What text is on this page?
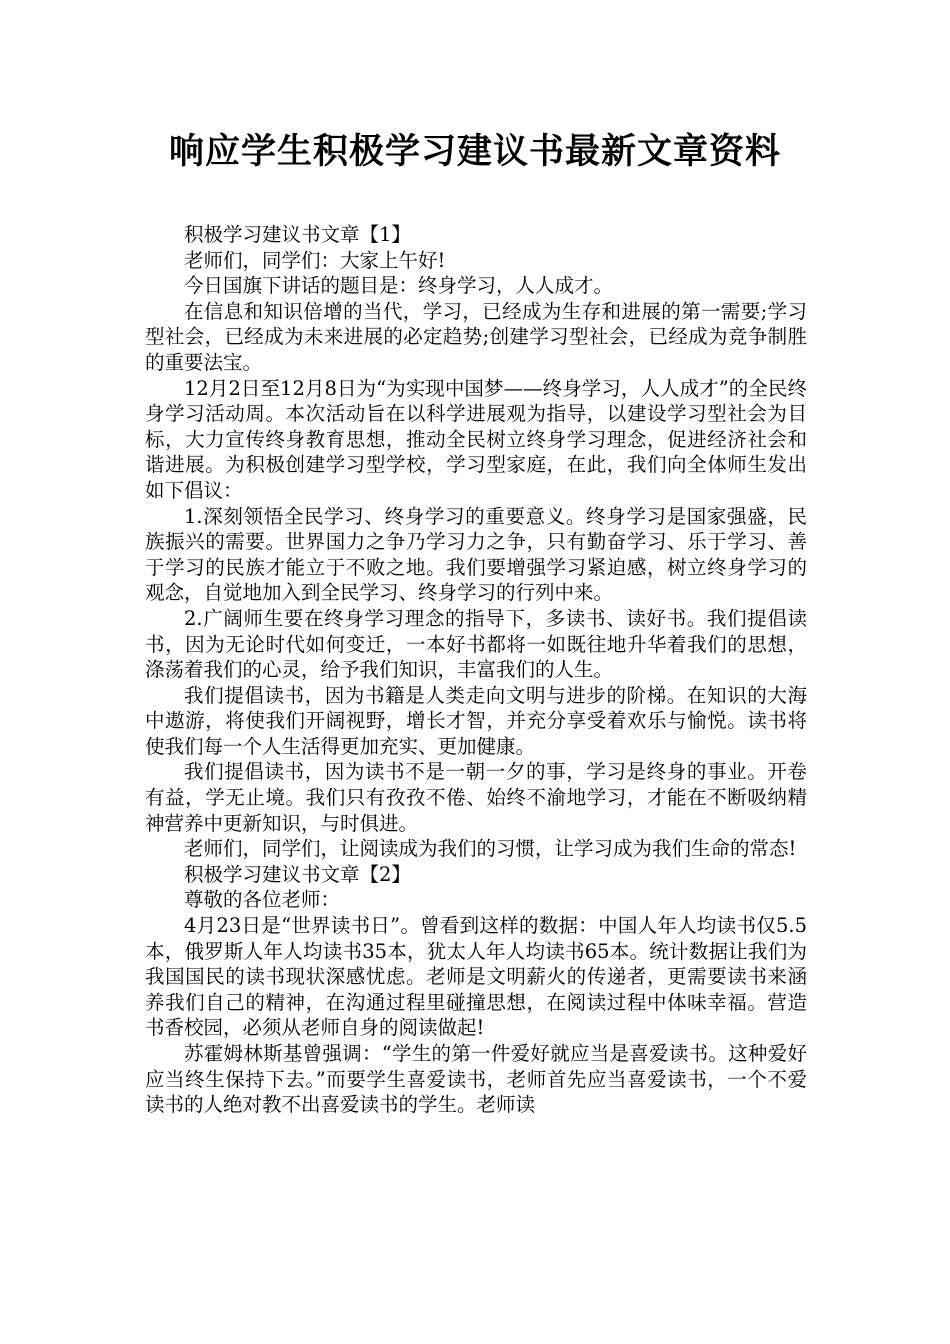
响应学生积极学习建议书最新文章资料

积极学习建议书文章【1】

老师们，同学们：大家上午好!

今日国旗下讲话的题目是：终身学习，人人成才。

在信息和知识倍增的当代，学习，已经成为生存和进展的第一需要;学习型社会，已经成为未来进展的必定趋势;创建学习型社会，已经成为竞争制胜的重要法宝。

12月2日至12月8日为“为实现中国梦——终身学习，人人成才”的全民终身学习活动周。本次活动旨在以科学进展观为指导，以建设学习型社会为目标，大力宣传终身教育思想，推动全民树立终身学习理念，促进经济社会和谐进展。为积极创建学习型学校，学习型家庭，在此，我们向全体师生发出如下倡议：

1.深刻领悟全民学习、终身学习的重要意义。终身学习是国家强盛，民族振兴的需要。世界国力之争乃学习力之争，只有勤奋学习、乐于学习、善于学习的民族才能立于不败之地。我们要增强学习紧迫感，树立终身学习的观念，自觉地加入到全民学习、终身学习的行列中来。

2.广阔师生要在终身学习理念的指导下，多读书、读好书。我们提倡读书，因为无论时代如何变迁，一本好书都将一如既往地升华着我们的思想，涤荡着我们的心灵，给予我们知识，丰富我们的人生。

我们提倡读书，因为书籍是人类走向文明与进步的阶梯。在知识的大海中遨游，将使我们开阔视野，增长才智，并充分享受着欢乐与愉悦。读书将使我们每一个人生活得更加充实、更加健康。

我们提倡读书，因为读书不是一朝一夕的事，学习是终身的事业。开卷有益，学无止境。我们只有孜孜不倦、始终不渝地学习，才能在不断吸纳精神营养中更新知识，与时俱进。

老师们，同学们，让阅读成为我们的习惯，让学习成为我们生命的常态!

积极学习建议书文章【2】

尊敬的各位老师：

4月23日是“世界读书日”。曾看到这样的数据：中国人年人均读书仅5.5本，俄罗斯人年人均读书35本，犹太人年人均读书65本。统计数据让我们为我国国民的读书现状深感忧虑。老师是文明薪火的传递者，更需要读书来涵养我们自己的精神，在沟通过程里碰撞思想，在阅读过程中体味幸福。营造书香校园，必须从老师自身的阅读做起!

苏霍姆林斯基曾强调：“学生的第一件爱好就应当是喜爱读书。这种爱好应当终生保持下去。”而要学生喜爱读书，老师首先应当喜爱读书，一个不爱读书的人绝对教不出喜爱读书的学生。老师读
